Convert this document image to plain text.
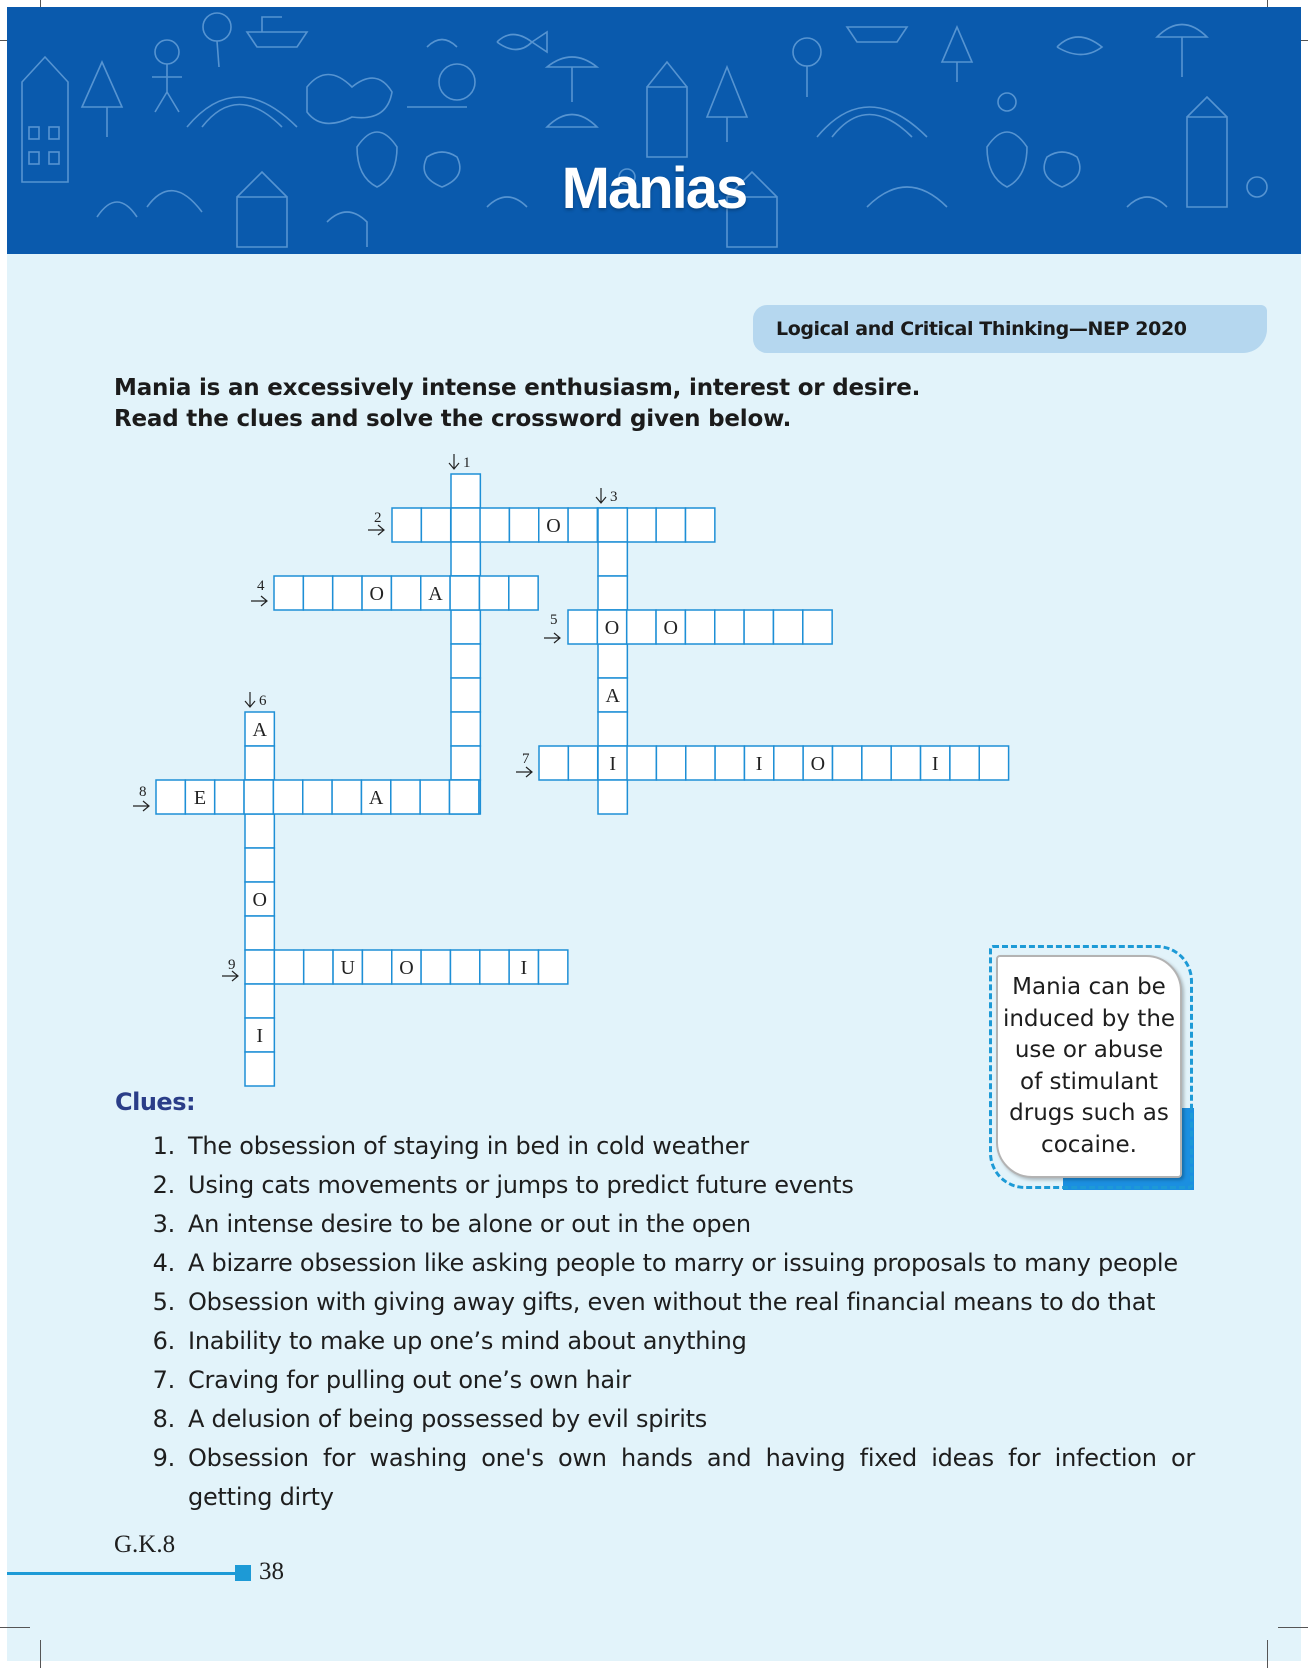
Manias
Logical and Critical Thinking—NEP 2020
Mania is an excessively intense enthusiasm, interest or desire.
Read the clues and solve the crossword given below.
O
A
I
O A
O O
A
O
I
I O	I
E	A
U O	I
1
3
6
2
4
5
7
8
9
Clues:
1. The obsession of staying in bed in cold weather
2. Using cats movements or jumps to predict future events
3. An intense desire to be alone or out in the open
4. A bizarre obsession like asking people to marry or issuing proposals to many people
5. Obsession with giving away gifts, even without the real financial means to do that
6. Inability to make up one’s mind about anything
7. Craving for pulling out one’s own hair
8. A delusion of being possessed by evil spirits
9. Obsession for washing one's own hands and having fixed ideas for infection or getting dirty
Mania can be
induced by the
use or abuse
of stimulant
drugs such as
cocaine.
G.K.8
38
